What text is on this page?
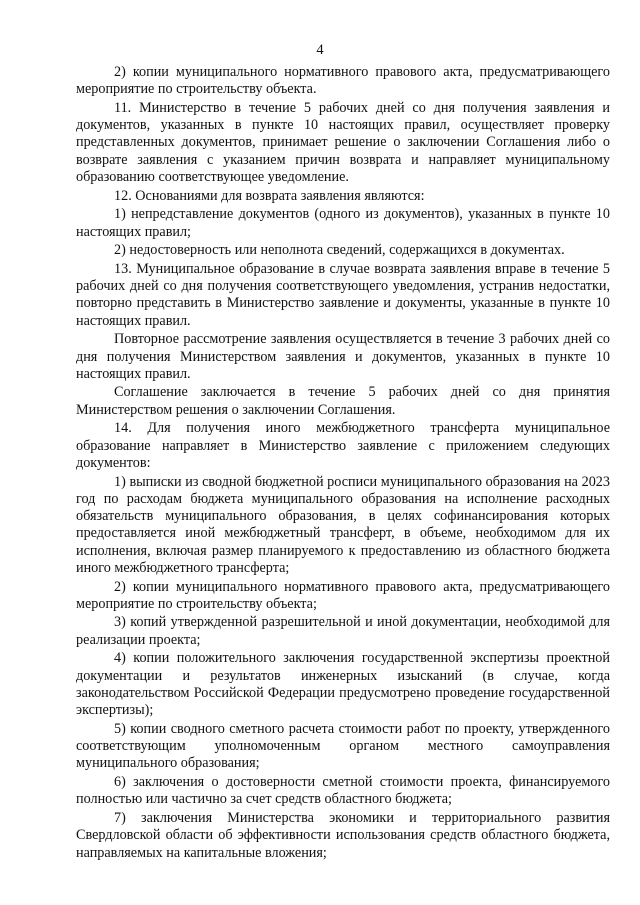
4

2) копии муниципального нормативного правового акта, предусматривающего мероприятие по строительству объекта.

11. Министерство в течение 5 рабочих дней со дня получения заявления и документов, указанных в пункте 10 настоящих правил, осуществляет проверку представленных документов, принимает решение о заключении Соглашения либо о возврате заявления с указанием причин возврата и направляет муниципальному образованию соответствующее уведомление.

12. Основаниями для возврата заявления являются:

1) непредставление документов (одного из документов), указанных в пункте 10 настоящих правил;

2) недостоверность или неполнота сведений, содержащихся в документах.

13. Муниципальное образование в случае возврата заявления вправе в течение 5 рабочих дней со дня получения соответствующего уведомления, устранив недостатки, повторно представить в Министерство заявление и документы, указанные в пункте 10 настоящих правил.

Повторное рассмотрение заявления осуществляется в течение 3 рабочих дней со дня получения Министерством заявления и документов, указанных в пункте 10 настоящих правил.

Соглашение заключается в течение 5 рабочих дней со дня принятия Министерством решения о заключении Соглашения.

14. Для получения иного межбюджетного трансферта муниципальное образование направляет в Министерство заявление с приложением следующих документов:

1) выписки из сводной бюджетной росписи муниципального образования на 2023 год по расходам бюджета муниципального образования на исполнение расходных обязательств муниципального образования, в целях софинансирования которых предоставляется иной межбюджетный трансферт, в объеме, необходимом для их исполнения, включая размер планируемого к предоставлению из областного бюджета иного межбюджетного трансферта;

2) копии муниципального нормативного правового акта, предусматривающего мероприятие по строительству объекта;

3) копий утвержденной разрешительной и иной документации, необходимой для реализации проекта;

4) копии положительного заключения государственной экспертизы проектной документации и результатов инженерных изысканий (в случае, когда законодательством Российской Федерации предусмотрено проведение государственной экспертизы);

5) копии сводного сметного расчета стоимости работ по проекту, утвержденного соответствующим уполномоченным органом местного самоуправления муниципального образования;

6) заключения о достоверности сметной стоимости проекта, финансируемого полностью или частично за счет средств областного бюджета;

7) заключения Министерства экономики и территориального развития Свердловской области об эффективности использования средств областного бюджета, направляемых на капитальные вложения;
